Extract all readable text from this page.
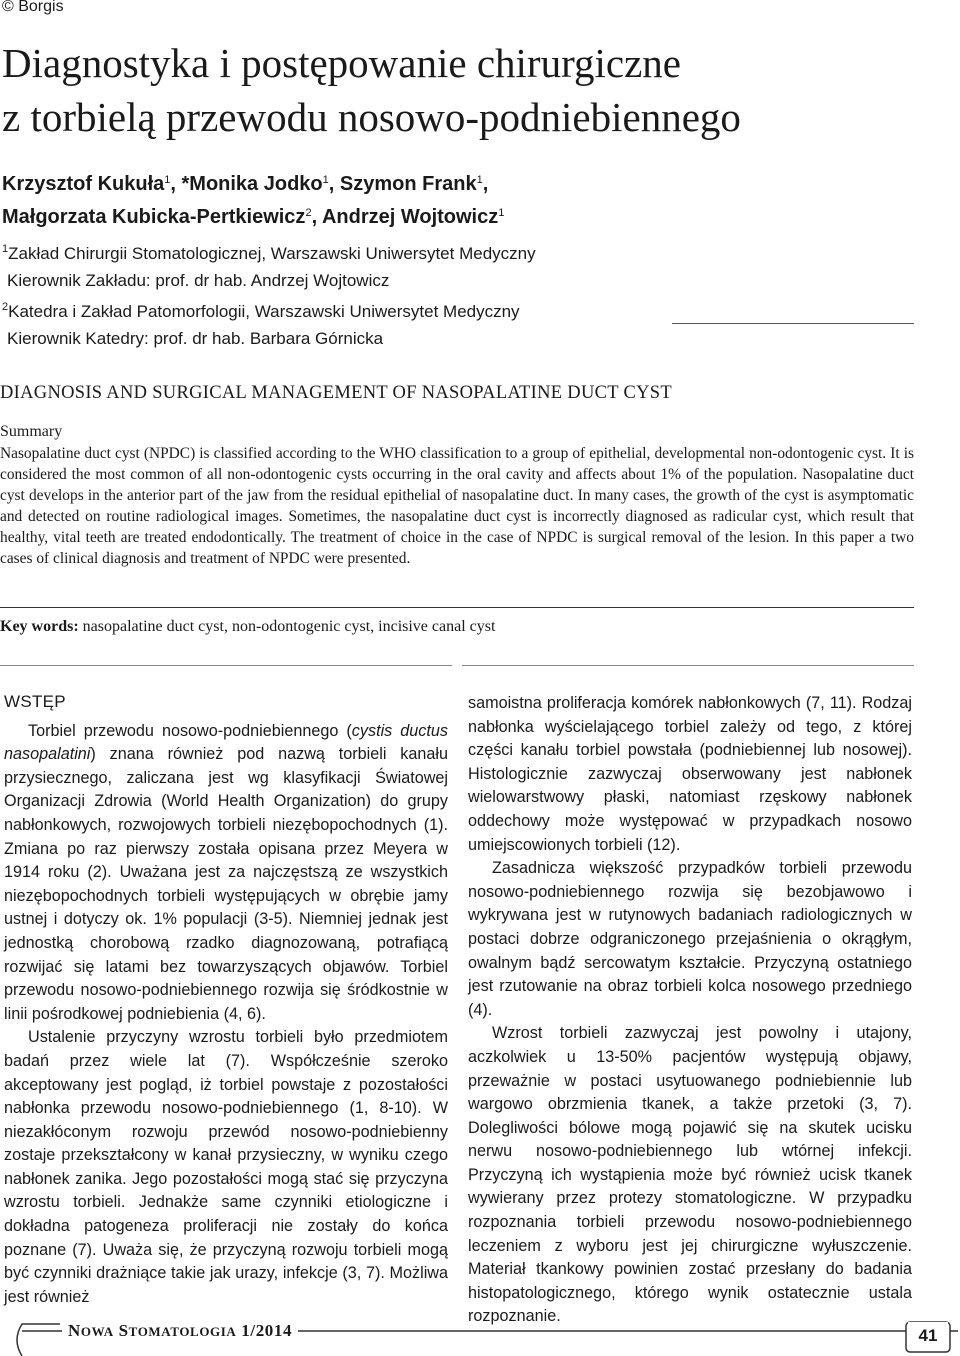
© Borgis
Diagnostyka i postępowanie chirurgiczne
z torbielą przewodu nosowo-podniebiennego
Krzysztof Kukuła$^1$, *Monika Jodko$^1$, Szymon Frank$^1$,
Małgorzata Kubicka-Pertkiewicz$^2$, Andrzej Wojtowicz$^1$
$^1$Zakład Chirurgii Stomatologicznej, Warszawski Uniwersytet Medyczny
Kierownik Zakładu: prof. dr hab. Andrzej Wojtowicz
$^2$Katedra i Zakład Patomorfologii, Warszawski Uniwersytet Medyczny
Kierownik Katedry: prof. dr hab. Barbara Górnicka
DIAGNOSIS AND SURGICAL MANAGEMENT OF NASOPALATINE DUCT CYST
Summary
Nasopalatine duct cyst (NPDC) is classified according to the WHO classification to a group of epithelial, developmental non-odontogenic cyst. It is considered the most common of all non-odontogenic cysts occurring in the oral cavity and affects about 1% of the population. Nasopalatine duct cyst develops in the anterior part of the jaw from the residual epithelial of nasopalatine duct. In many cases, the growth of the cyst is asymptomatic and detected on routine radiological images. Sometimes, the nasopalatine duct cyst is incorrectly diagnosed as radicular cyst, which result that healthy, vital teeth are treated endodontically. The treatment of choice in the case of NPDC is surgical removal of the lesion. In this paper a two cases of clinical diagnosis and treatment of NPDC were presented.
Key words: nasopalatine duct cyst, non-odontogenic cyst, incisive canal cyst
WSTĘP

Torbiel przewodu nosowo-podniebiennego (cystis ductus nasopalatini) znana również pod nazwą torbieli kanału przysiecznego, zaliczana jest wg klasyfikacji Światowej Organizacji Zdrowia (World Health Organization) do grupy nabłonkowych, rozwojowych torbieli niezębopochodnych (1). Zmiana po raz pierwszy została opisana przez Meyera w 1914 roku (2). Uważana jest za najczęstszą ze wszystkich niezębopochodnych torbieli występujących w obrębie jamy ustnej i dotyczy ok. 1% populacji (3-5). Niemniej jednak jest jednostką chorobową rzadko diagnozowaną, potrafiącą rozwijać się latami bez towarzyszących objawów. Torbiel przewodu nosowo-podniebiennego rozwija się śródkostnie w linii pośrodkowej podniebienia (4, 6).

Ustalenie przyczyny wzrostu torbieli było przedmiotem badań przez wiele lat (7). Współcześnie szeroko akceptowany jest pogląd, iż torbiel powstaje z pozostałości nabłonka przewodu nosowo-podniebiennego (1, 8-10). W niezakłóconym rozwoju przewód nosowo-podniebienny zostaje przekształcony w kanał przysieczny, w wyniku czego nabłonek zanika. Jego pozostałości mogą stać się przyczyna wzrostu torbieli. Jednakże same czynniki etiologiczne i dokładna patogeneza proliferacji nie zostały do końca poznane (7). Uważa się, że przyczyną rozwoju torbieli mogą być czynniki drażniące takie jak urazy, infekcje (3, 7). Możliwa jest również

samoistna proliferacja komórek nabłonkowych (7, 11). Rodzaj nabłonka wyścielającego torbiel zależy od tego, z której części kanału torbiel powstała (podniebiennej lub nosowej). Histologicznie zazwyczaj obserwowany jest nabłonek wielowarstwowy płaski, natomiast rzęskowy nabłonek oddechowy może występować w przypadkach nosowo umiejscowionych torbieli (12).

Zasadnicza większość przypadków torbieli przewodu nosowo-podniebiennego rozwija się bezobjawowo i wykrywana jest w rutynowych badaniach radiologicznych w postaci dobrze odgraniczonego przejaśnienia o okrągłym, owalnym bądź sercowatym kształcie. Przyczyną ostatniego jest rzutowanie na obraz torbieli kolca nosowego przedniego (4).

Wzrost torbieli zazwyczaj jest powolny i utajony, aczkolwiek u 13-50% pacjentów występują objawy, przeważnie w postaci usytuowanego podniebiennie lub wargowo obrzmienia tkanek, a także przetoki (3, 7). Dolegliwości bólowe mogą pojawić się na skutek ucisku nerwu nosowo-podniebiennego lub wtórnej infekcji. Przyczyną ich wystąpienia może być również ucisk tkanek wywierany przez protezy stomatologiczne. W przypadku rozpoznania torbieli przewodu nosowo-podniebiennego leczeniem z wyboru jest jej chirurgiczne wyłuszczenie. Materiał tkankowy powinien zostać przesłany do badania histopatologicznego, którego wynik ostatecznie ustala rozpoznanie.

NOWA STOMATOLOGIA 1/2014	41
